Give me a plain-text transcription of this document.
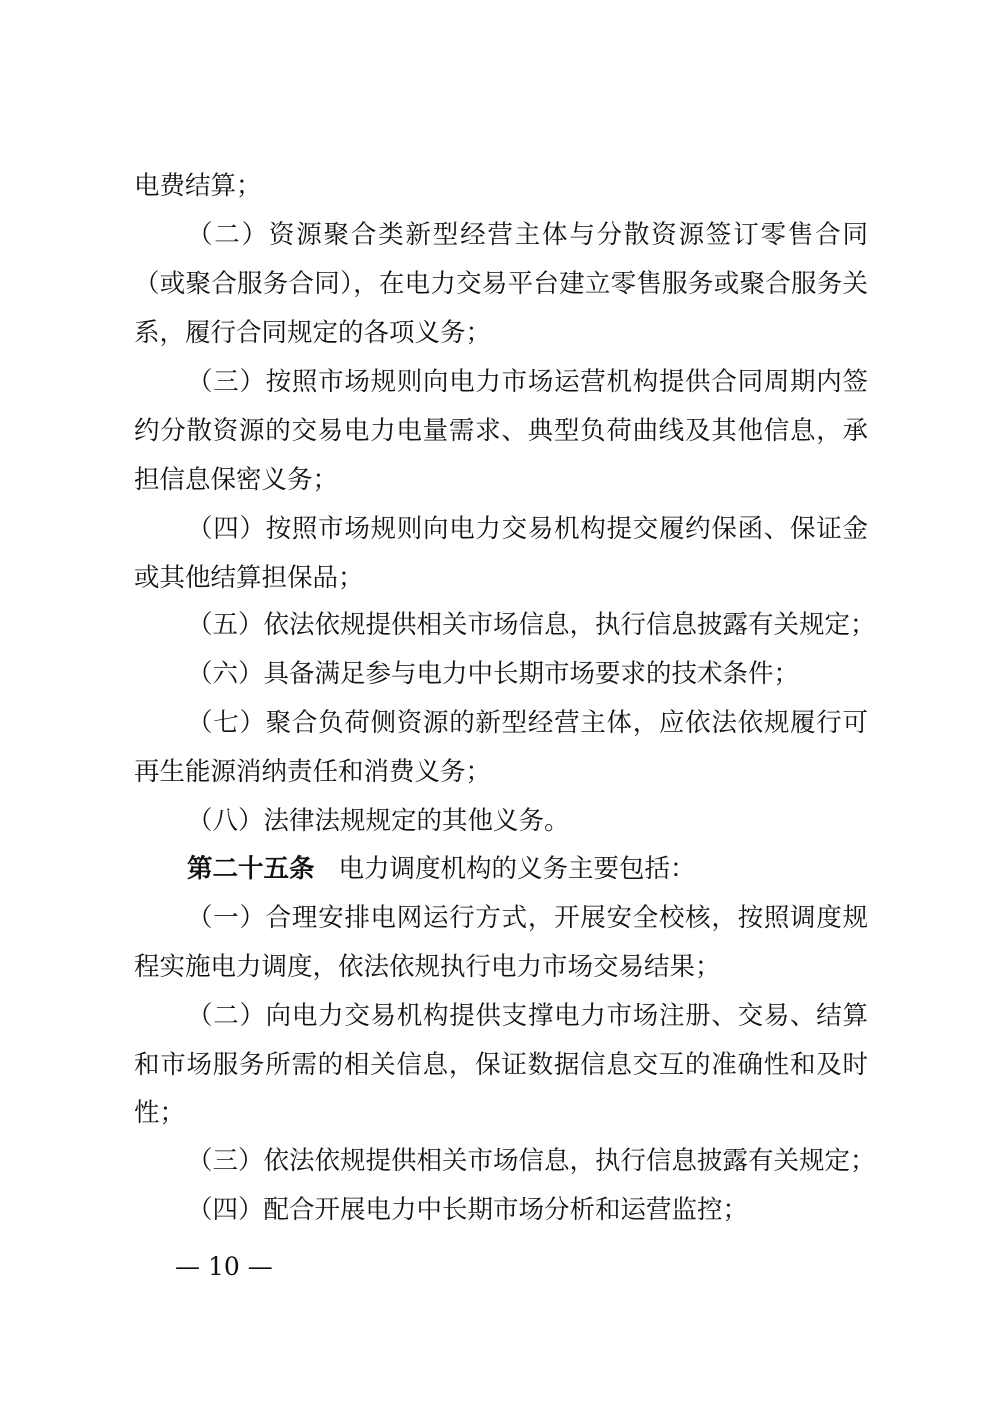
电费结算；
（二）资源聚合类新型经营主体与分散资源签订零售合同
（或聚合服务合同），在电力交易平台建立零售服务或聚合服务关
系，履行合同规定的各项义务；
（三）按照市场规则向电力市场运营机构提供合同周期内签
约分散资源的交易电力电量需求、典型负荷曲线及其他信息，承
担信息保密义务；
（四）按照市场规则向电力交易机构提交履约保函、保证金
或其他结算担保品；
（五）依法依规提供相关市场信息，执行信息披露有关规定；
（六）具备满足参与电力中长期市场要求的技术条件；
（七）聚合负荷侧资源的新型经营主体，应依法依规履行可
再生能源消纳责任和消费义务；
（八）法律法规规定的其他义务。
第二十五条 电力调度机构的义务主要包括：
（一）合理安排电网运行方式，开展安全校核，按照调度规
程实施电力调度，依法依规执行电力市场交易结果；
（二）向电力交易机构提供支撑电力市场注册、交易、结算
和市场服务所需的相关信息，保证数据信息交互的准确性和及时
性；
（三）依法依规提供相关市场信息，执行信息披露有关规定；
（四）配合开展电力中长期市场分析和运营监控；
— 10 —
